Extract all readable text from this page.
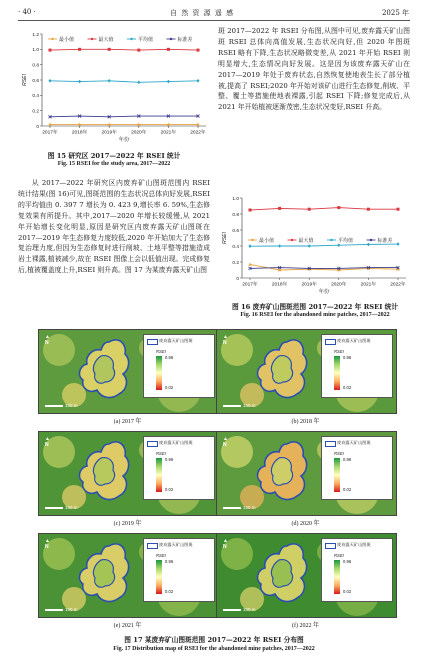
· 40 ·	自 然 资 源 遥 感	2025 年
0
0.2
0.4
0.6
0.8
1.0
1.2
2017年	2018年	2019年	2020年	2021年	2022年
年份
RSEI
最小值	最大值	平均值	标准差
图 15 研究区 2017—2022 年 RSEI 统计
Fig. 15 RSEI for the study area, 2017—2022

从 2017—2022 年研究区内废弃矿山图斑范围内 RSEI 统计结果(图 16)可见,图斑范围的生态状况总体向好发展,RSEI 的平均值由 0. 397 7 增长为 0. 423 9,增长率 6. 59%,生态修复效果有所提升。其中,2017—2020 年增长较缓慢,从 2021 年开始增长变化明显,原因是研究区内废弃露天矿山图斑在 2017—2019 年生态修复力度较低,2020 年开始加大了生态修复治理力度,但因为生态修复时进行削坡、土地平整等措施造成岩土裸露,植被减少,故在 RSEI 图像上会以低值出现。完成修复后,植被覆盖度上升,RSEI 则升高。图 17 为某废弃露天矿山图

斑 2017—2022 年 RSEI 分布图,从图中可见,废弃露天矿山图斑 RSEI 总体向高值发展,生态状况向好,但 2020 年图斑 RSEI 略有下降,生态状况略微变差,从 2021 年开始 RSEI 则明显增大,生态情况向好发展。这是因为该废弃露天矿山在 2017—2019 年处于废弃状态,自然恢复使地表生长了部分植被,提高了 RSEI;2020 年开始对该矿山进行生态修复,削坡、平整、覆土等措施使地表裸露,引起 RSEI 下降;修复完成后,从 2021 年开始植被逐渐茂密,生态状况变好,RSEI 升高。

0
0.2
0.4
0.6
0.8
1.0
2017年	2018年	2019年	2020年	2021年	2022年
年份
RSEI	最小值	最大值	平均值	标准差
图 16 废弃矿山图斑范围 2017—2022 年 RSEI 统计
Fig. 16 RSEI for the abandoned mine patches, 2017—2022
▲
N
150 m
废弃露天矿山图斑
RSEI
0.96
0.02
(a) 2017 年
▲
N
150 m
废弃露天矿山图斑
RSEI
0.96
0.02
(b) 2018 年
▲
N
150 m
废弃露天矿山图斑
RSEI
0.96
0.02
(c) 2019 年
▲
N
150 m
废弃露天矿山图斑
RSEI
0.96
0.02
(d) 2020 年
▲
N
150 m
废弃露天矿山图斑
RSEI
0.96
0.02
(e) 2021 年
▲
N
150 m
废弃露天矿山图斑
RSEI
0.96
0.02
(f) 2022 年
图 17 某废弃矿山图斑范围 2017—2022 年 RSEI 分布图
Fig. 17 Distribution map of RSEI for the abandoned mine patches, 2017—2022
